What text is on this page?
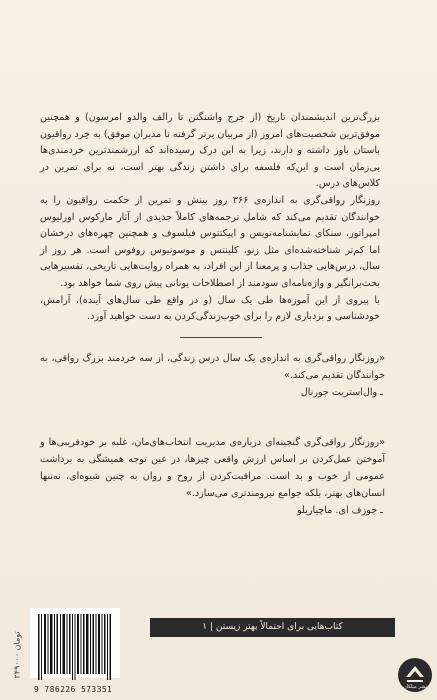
بزرگ‌ترین اندیشمندان تاریخ (از جرج واشنگتن تا رالف والدو امرسون) و همچنین موفق‌ترین شخصیت‌های امروز (از مربیان برتر گرفته تا مدیران موفق) به خِرد رواقیون باستان باور داشته و دارند، زیرا به این درک رسیده‌اند که ارزشمندترین خردمندی‌ها بی‌زمان است و این‌که فلسفه برای داشتن زندگی بهتر است، نه برای تمرین در کلاس‌های درس.

روزنگار رواقی‌گری به اندازه‌ی ۳۶۶ روز بینش و تمرین از حکمت رواقیون را به خوانندگان تقدیم می‌کند که شامل ترجمه‌های کاملاً جدیدی از آثار مارکوس اورلیوس امپراتور، سنکای نمایشنامه‌نویس و اپیکتتوس فیلسوف و همچنین چهره‌های درخشان اما کم‌تر شناخته‌شده‌ای مثل زنو، کلینتس و موسونیوس روفوس است. هر روز از سال، درس‌هایی جذاب و پرمعنا از این افراد، به همراه روایت‌هایی تاریخی، تفسیرهایی بحث‌برانگیز و واژه‌نامه‌ای سودمند از اصطلاحات یونانی پیش روی شما خواهد بود.

با پیروی از این آموزه‌ها طی یک سال (و در واقع طی سال‌های آینده)، آرامش، خودشناسی و بردباری لازم را برای خوب‌زندگی‌کردن به دست خواهید آورد.

«روزنگار رواقی‌گری به اندازه‌ی یک سال درس زندگی، از سه خردمند بزرگ رواقی، به خوانندگان تقدیم می‌کند.»
ـ وال‌استریت جورنال
«روزنگار رواقی‌گری گنجینه‌ای درباره‌ی مدیریت انتخاب‌های‌مان، غلبه بر خودفریبی‌ها و آموختن عمل‌کردن بر اساس ارزش واقعی چیزها، در عین توجه همیشگی به برداشت عمومی از خوب و بد است. مراقبت‌کردن از روح و روان به چنین شیوه‌ای، نه‌تنها انسان‌های بهتر، بلکه جوامع نیرومندتری می‌سازد.»
ـ جوزف ای. ماچیاریلو
۲۴۹۰۰۰ تومان
9 786226 573351
کتاب‌هایی برای احتمالاً بهتر زیستن | ۱
نشر میلکان
